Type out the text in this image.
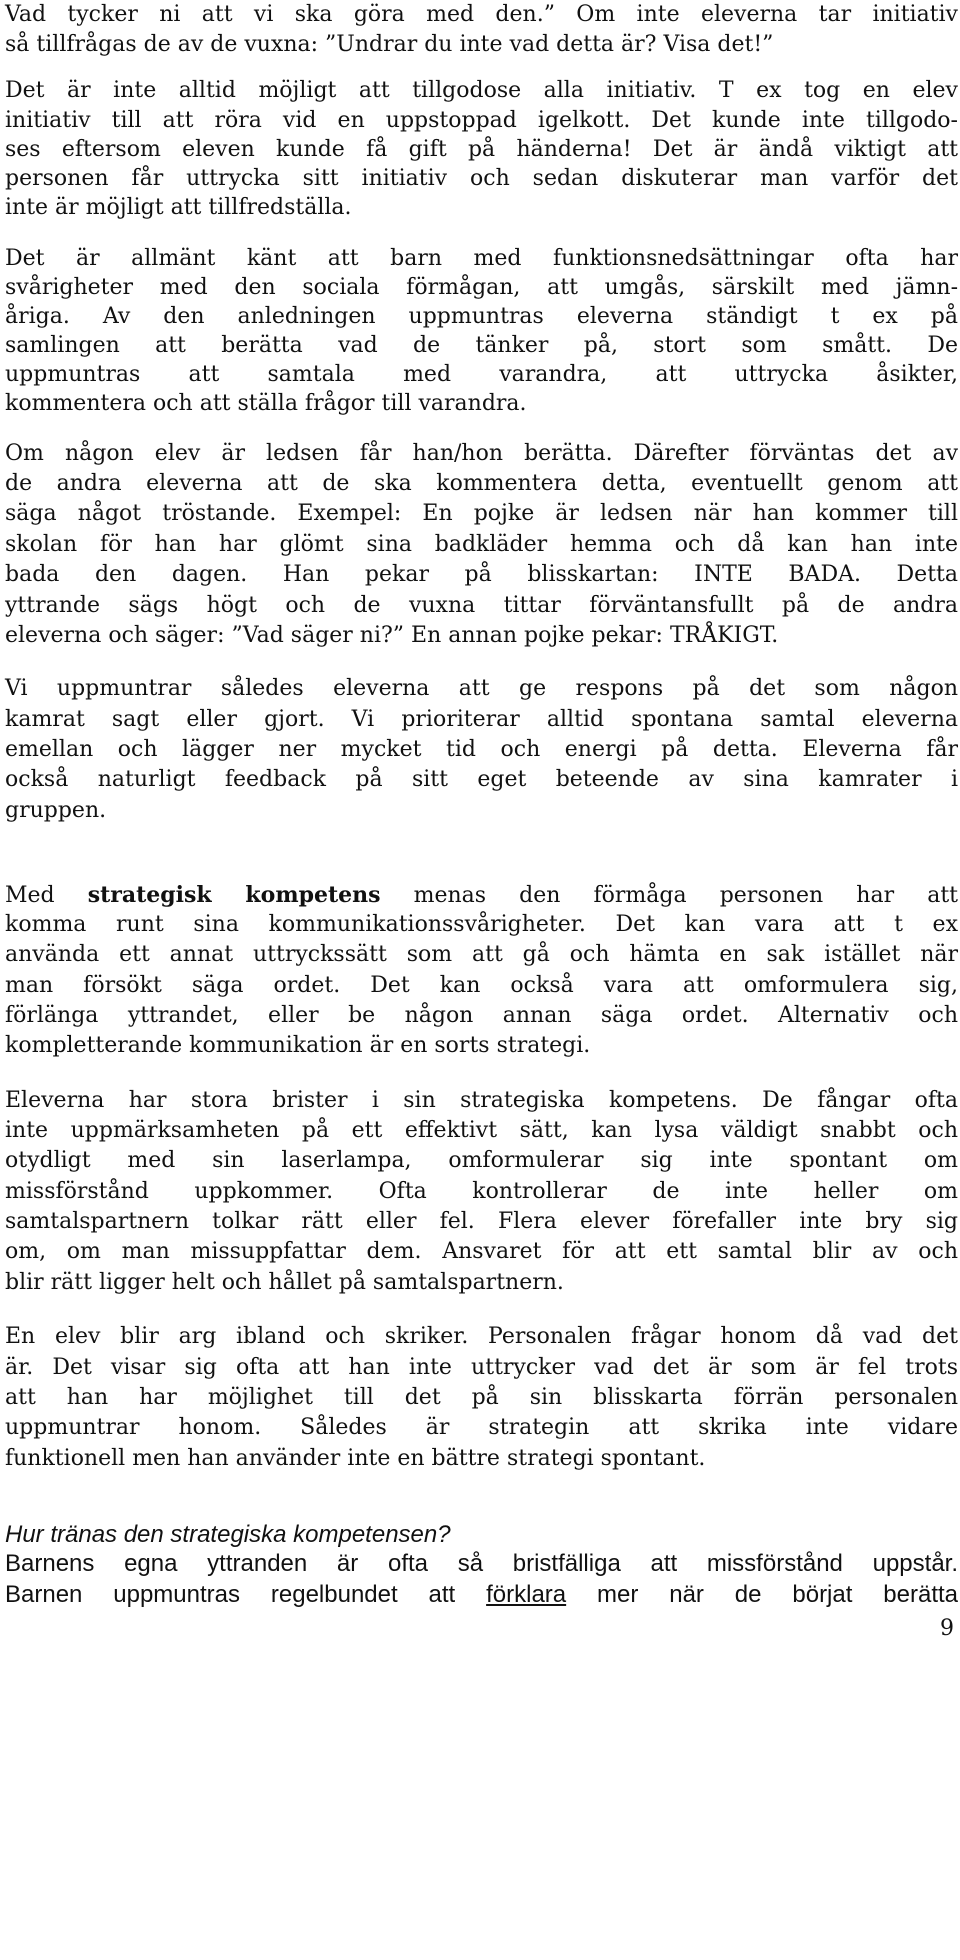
Vad tycker ni att vi ska göra med den.” Om inte eleverna tar initiativ
så tillfrågas de av de vuxna: ”Undrar du inte vad detta är? Visa det!”
Det är inte alltid möjligt att tillgodose alla initiativ. T ex tog en elev
initiativ till att röra vid en uppstoppad igelkott. Det kunde inte tillgodo-
ses eftersom eleven kunde få gift på händerna! Det är ändå viktigt att
personen får uttrycka sitt initiativ och sedan diskuterar man varför det
inte är möjligt att tillfredställa.
Det är allmänt känt att barn med funktionsnedsättningar ofta har
svårigheter med den sociala förmågan, att umgås, särskilt med jämn-
åriga. Av den anledningen uppmuntras eleverna ständigt t ex på
samlingen att berätta vad de tänker på, stort som smått. De
uppmuntras att samtala med varandra, att uttrycka åsikter,
kommentera och att ställa frågor till varandra.
Om någon elev är ledsen får han/hon berätta. Därefter förväntas det av
de andra eleverna att de ska kommentera detta, eventuellt genom att
säga något tröstande. Exempel: En pojke är ledsen när han kommer till
skolan för han har glömt sina badkläder hemma och då kan han inte
bada den dagen. Han pekar på blisskartan: INTE BADA. Detta
yttrande sägs högt och de vuxna tittar förväntansfullt på de andra
eleverna och säger: ”Vad säger ni?” En annan pojke pekar: TRÅKIGT.
Vi uppmuntrar således eleverna att ge respons på det som någon
kamrat sagt eller gjort. Vi prioriterar alltid spontana samtal eleverna
emellan och lägger ner mycket tid och energi på detta. Eleverna får
också naturligt feedback på sitt eget beteende av sina kamrater i
gruppen.
Med strategisk kompetens menas den förmåga personen har att
komma runt sina kommunikationssvårigheter. Det kan vara att t ex
använda ett annat uttryckssätt som att gå och hämta en sak istället när
man försökt säga ordet. Det kan också vara att omformulera sig,
förlänga yttrandet, eller be någon annan säga ordet. Alternativ och
kompletterande kommunikation är en sorts strategi.
Eleverna har stora brister i sin strategiska kompetens. De fångar ofta
inte uppmärksamheten på ett effektivt sätt, kan lysa väldigt snabbt och
otydligt med sin laserlampa, omformulerar sig inte spontant om
missförstånd uppkommer. Ofta kontrollerar de inte heller om
samtalspartnern tolkar rätt eller fel. Flera elever förefaller inte bry sig
om, om man missuppfattar dem. Ansvaret för att ett samtal blir av och
blir rätt ligger helt och hållet på samtalspartnern.
En elev blir arg ibland och skriker. Personalen frågar honom då vad det
är. Det visar sig ofta att han inte uttrycker vad det är som är fel trots
att han har möjlighet till det på sin blisskarta förrän personalen
uppmuntrar honom. Således är strategin att skrika inte vidare
funktionell men han använder inte en bättre strategi spontant.
Hur tränas den strategiska kompetensen?
Barnens egna yttranden är ofta så bristfälliga att missförstånd uppstår.
Barnen uppmuntras regelbundet att förklara mer när de börjat berätta
9
